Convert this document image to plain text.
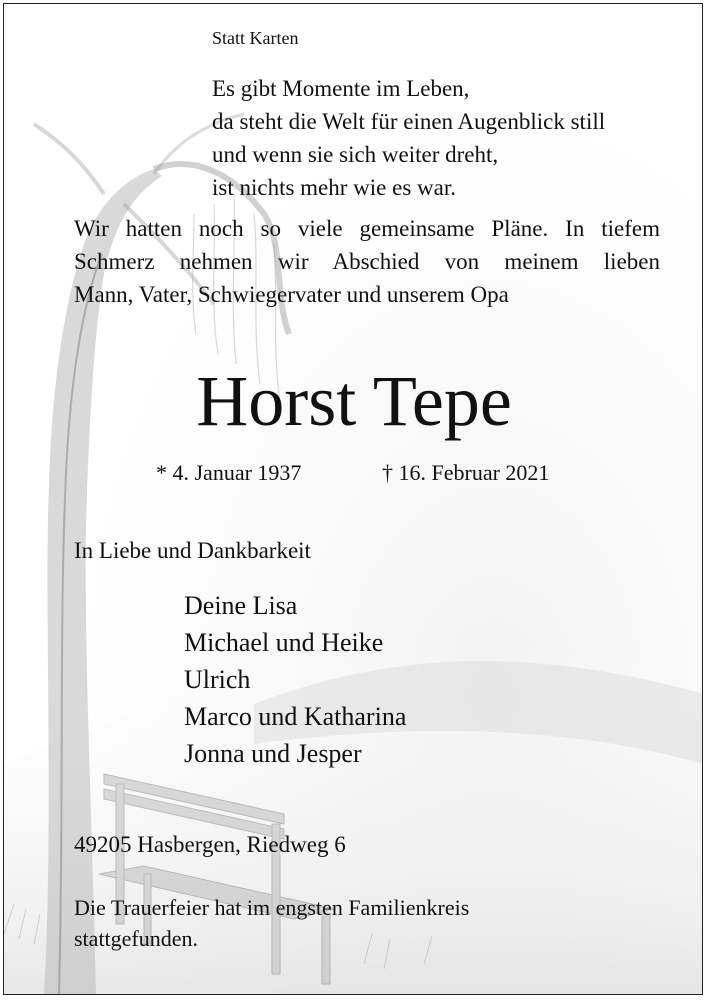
Statt Karten
Es gibt Momente im Leben,
da steht die Welt für einen Augenblick still
und wenn sie sich weiter dreht,
ist nichts mehr wie es war.
Wir hatten noch so viele gemeinsame Pläne. In tiefem
Schmerz nehmen wir Abschied von meinem lieben
Mann, Vater, Schwiegervater und unserem Opa
Horst Tepe
* 4. Januar 1937	† 16. Februar 2021
In Liebe und Dankbarkeit
Deine Lisa
Michael und Heike
Ulrich
Marco und Katharina
Jonna und Jesper
49205 Hasbergen, Riedweg 6
Die Trauerfeier hat im engsten Familienkreis
stattgefunden.
